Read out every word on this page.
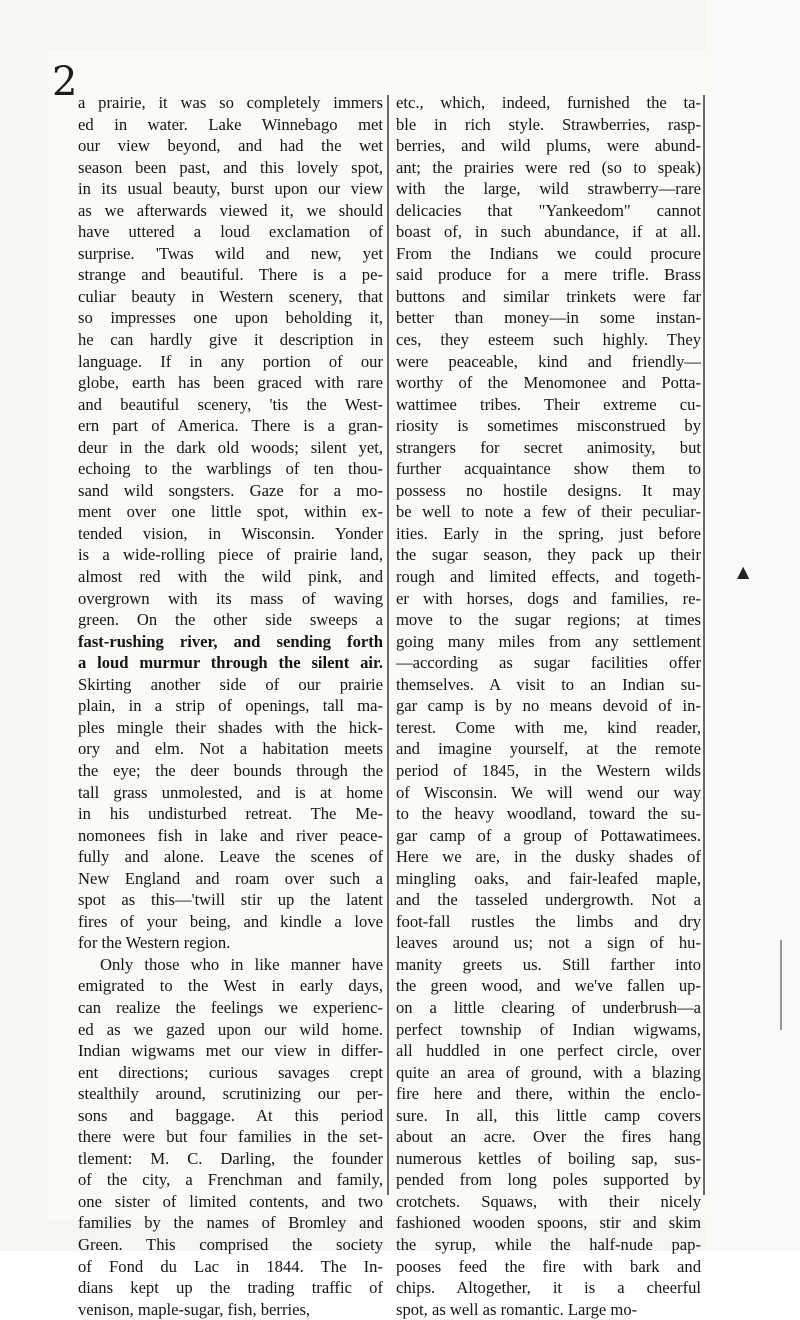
▲
2 a prairie, it was so completely immers
ed in water. Lake Winnebago met
our view beyond, and had the wet
season been past, and this lovely spot,
in its usual beauty, burst upon our view
as we afterwards viewed it, we should
have uttered a loud exclamation of
surprise. 'Twas wild and new, yet
strange and beautiful. There is a pe-
culiar beauty in Western scenery, that
so impresses one upon beholding it,
he can hardly give it description in
language. If in any portion of our
globe, earth has been graced with rare
and beautiful scenery, 'tis the West-
ern part of America. There is a gran-
deur in the dark old woods; silent yet,
echoing to the warblings of ten thou-
sand wild songsters. Gaze for a mo-
ment over one little spot, within ex-
tended vision, in Wisconsin. Yonder
is a wide-rolling piece of prairie land,
almost red with the wild pink, and
overgrown with its mass of waving
green. On the other side sweeps a
fast-rushing river, and sending forth
a loud murmur through the silent air.
Skirting another side of our prairie
plain, in a strip of openings, tall ma-
ples mingle their shades with the hick-
ory and elm. Not a habitation meets
the eye; the deer bounds through the
tall grass unmolested, and is at home
in his undisturbed retreat. The Me-
nomonees fish in lake and river peace-
fully and alone. Leave the scenes of
New England and roam over such a
spot as this—'twill stir up the latent
fires of your being, and kindle a love
for the Western region.
Only those who in like manner have
emigrated to the West in early days,
can realize the feelings we experienc-
ed as we gazed upon our wild home.
Indian wigwams met our view in differ-
ent directions; curious savages crept
stealthily around, scrutinizing our per-
sons and baggage. At this period
there were but four families in the set-
tlement: M. C. Darling, the founder
of the city, a Frenchman and family,
one sister of limited contents, and two
families by the names of Bromley and
Green. This comprised the society
of Fond du Lac in 1844. The In-
dians kept up the trading traffic of
venison, maple-sugar, fish, berries,
etc., which, indeed, furnished the ta-
ble in rich style. Strawberries, rasp-
berries, and wild plums, were abund-
ant; the prairies were red (so to speak)
with the large, wild strawberry—rare
delicacies that "Yankeedom" cannot
boast of, in such abundance, if at all.
From the Indians we could procure
said produce for a mere trifle. Brass
buttons and similar trinkets were far
better than money—in some instan-
ces, they esteem such highly. They
were peaceable, kind and friendly—
worthy of the Menomonee and Potta-
wattimee tribes. Their extreme cu-
riosity is sometimes misconstrued by
strangers for secret animosity, but
further acquaintance show them to
possess no hostile designs. It may
be well to note a few of their peculiar-
ities. Early in the spring, just before
the sugar season, they pack up their
rough and limited effects, and togeth-
er with horses, dogs and families, re-
move to the sugar regions; at times
going many miles from any settlement
—according as sugar facilities offer
themselves. A visit to an Indian su-
gar camp is by no means devoid of in-
terest. Come with me, kind reader,
and imagine yourself, at the remote
period of 1845, in the Western wilds
of Wisconsin. We will wend our way
to the heavy woodland, toward the su-
gar camp of a group of Pottawatimees.
Here we are, in the dusky shades of
mingling oaks, and fair-leafed maple,
and the tasseled undergrowth. Not a
foot-fall rustles the limbs and dry
leaves around us; not a sign of hu-
manity greets us. Still farther into
the green wood, and we've fallen up-
on a little clearing of underbrush—a
perfect township of Indian wigwams,
all huddled in one perfect circle, over
quite an area of ground, with a blazing
fire here and there, within the enclo-
sure. In all, this little camp covers
about an acre. Over the fires hang
numerous kettles of boiling sap, sus-
pended from long poles supported by
crotchets. Squaws, with their nicely
fashioned wooden spoons, stir and skim
the syrup, while the half-nude pap-
pooses feed the fire with bark and
chips. Altogether, it is a cheerful
spot, as well as romantic. Large mo-
